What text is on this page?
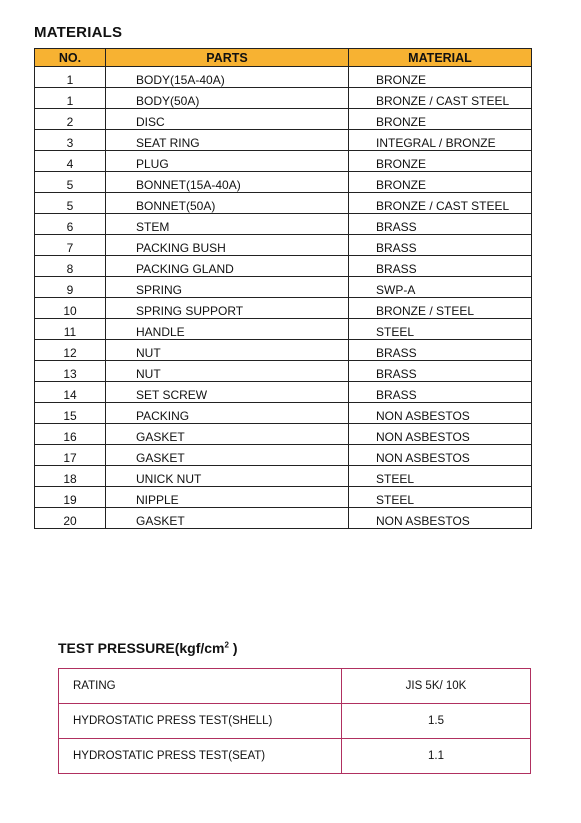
MATERIALS
NO.	PARTS	MATERIAL
1	BODY(15A-40A)	BRONZE
1	BODY(50A)	BRONZE / CAST STEEL
2	DISC	BRONZE
3	SEAT RING	INTEGRAL / BRONZE
4	PLUG	BRONZE
5	BONNET(15A-40A)	BRONZE
5	BONNET(50A)	BRONZE / CAST STEEL
6	STEM	BRASS
7	PACKING BUSH	BRASS
8	PACKING GLAND	BRASS
9	SPRING	SWP-A
10	SPRING SUPPORT	BRONZE / STEEL
11	HANDLE	STEEL
12	NUT	BRASS
13	NUT	BRASS
14	SET SCREW	BRASS
15	PACKING	NON ASBESTOS
16	GASKET	NON ASBESTOS
17	GASKET	NON ASBESTOS
18	UNICK NUT	STEEL
19	NIPPLE	STEEL
20	GASKET	NON ASBESTOS
TEST $PRESSURE(kgf/cm^2$ )
RATING	JIS 5K/ 10K
HYDROSTATIC PRESS TEST(SHELL)	1.5
HYDROSTATIC PRESS TEST(SEAT)	1.1
